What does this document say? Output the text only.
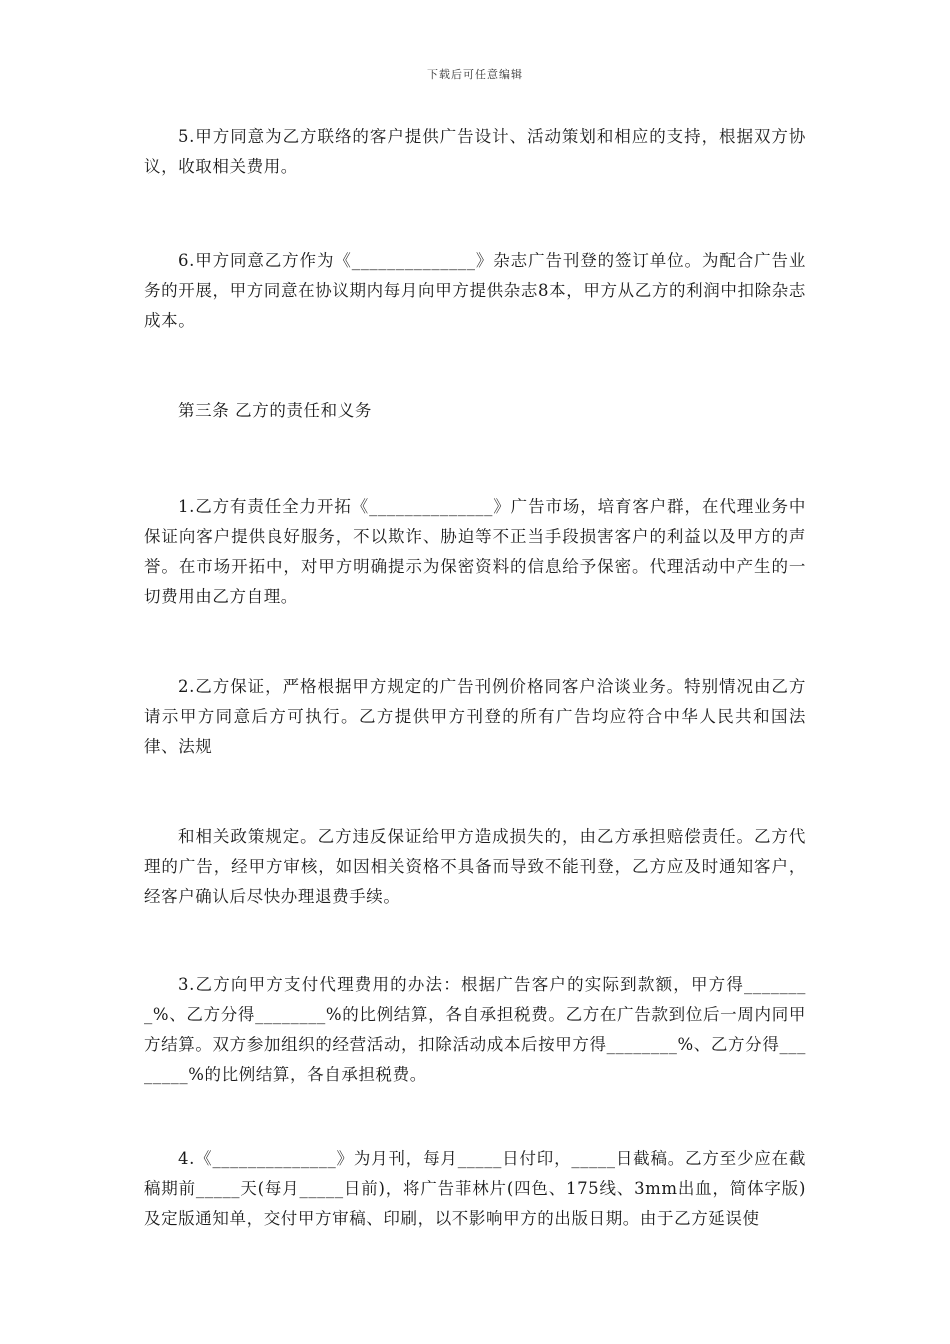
下载后可任意编辑

5.甲方同意为乙方联络的客户提供广告设计、活动策划和相应的支持，根据双方协议，收取相关费用。

6.甲方同意乙方作为《______________》杂志广告刊登的签订单位。为配合广告业务的开展，甲方同意在协议期内每月向甲方提供杂志8本，甲方从乙方的利润中扣除杂志成本。

第三条 乙方的责任和义务

1.乙方有责任全力开拓《______________》广告市场，培育客户群，在代理业务中保证向客户提供良好服务，不以欺诈、胁迫等不正当手段损害客户的利益以及甲方的声誉。在市场开拓中，对甲方明确提示为保密资料的信息给予保密。代理活动中产生的一切费用由乙方自理。

2.乙方保证，严格根据甲方规定的广告刊例价格同客户洽谈业务。特别情况由乙方请示甲方同意后方可执行。乙方提供甲方刊登的所有广告均应符合中华人民共和国法律、法规

和相关政策规定。乙方违反保证给甲方造成损失的，由乙方承担赔偿责任。乙方代理的广告，经甲方审核，如因相关资格不具备而导致不能刊登，乙方应及时通知客户，经客户确认后尽快办理退费手续。

3.乙方向甲方支付代理费用的办法：根据广告客户的实际到款额，甲方得________%、乙方分得________%的比例结算，各自承担税费。乙方在广告款到位后一周内同甲方结算。双方参加组织的经营活动，扣除活动成本后按甲方得________%、乙方分得________%的比例结算，各自承担税费。

4.《______________》为月刊，每月_____日付印，_____日截稿。乙方至少应在截稿期前_____天(每月_____日前)，将广告菲林片(四色、175线、3mm出血，简体字版)及定版通知单，交付甲方审稿、印刷，以不影响甲方的出版日期。由于乙方延误使
